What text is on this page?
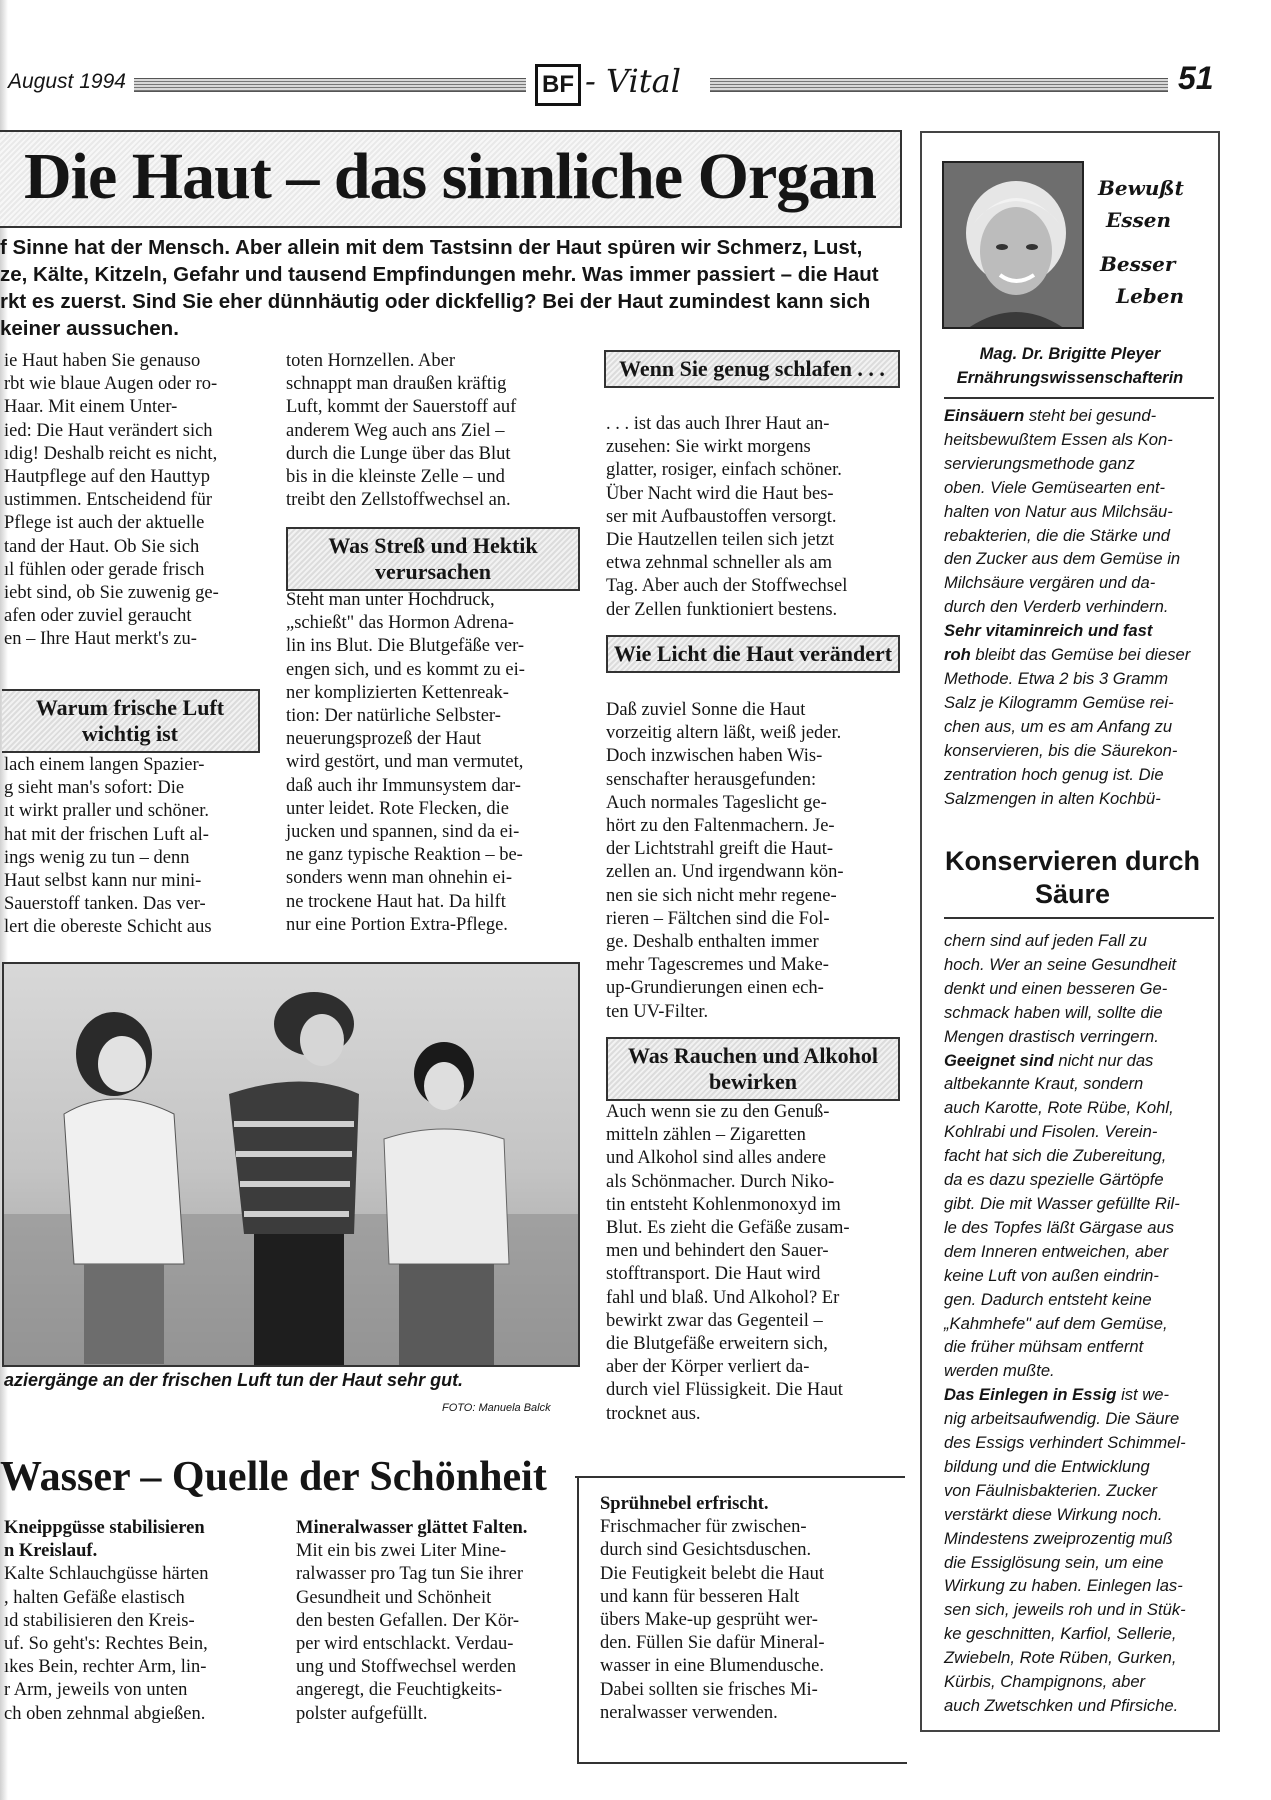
August 1994	BF - Vital	51
Die Haut – das sinnliche Organ
f Sinne hat der Mensch. Aber allein mit dem Tastsinn der Haut spüren wir Schmerz, Lust,
ze, Kälte, Kitzeln, Gefahr und tausend Empfindungen mehr. Was immer passiert – die Haut
rkt es zuerst. Sind Sie eher dünnhäutig oder dickfellig? Bei der Haut zumindest kann sich
keiner aussuchen.

ie Haut haben Sie genauso

rbt wie blaue Augen oder ro-

Haar. Mit einem Unter-

ied: Die Haut verändert sich

ıdig! Deshalb reicht es nicht,

Hautpflege auf den Hauttyp

ustimmen. Entscheidend für

Pflege ist auch der aktuelle

tand der Haut. Ob Sie sich

ıl fühlen oder gerade frisch

iebt sind, ob Sie zuwenig ge-

afen oder zuviel geraucht

en – Ihre Haut merkt's zu-

Warum frische Luft wichtig ist

lach einem langen Spazier-

g sieht man's sofort: Die

ıt wirkt praller und schöner.

hat mit der frischen Luft al-

ings wenig zu tun – denn

Haut selbst kann nur mini-

Sauerstoff tanken. Das ver-

lert die obereste Schicht aus

toten Hornzellen. Aber

schnappt man draußen kräftig

Luft, kommt der Sauerstoff auf

anderem Weg auch ans Ziel –

durch die Lunge über das Blut

bis in die kleinste Zelle – und

treibt den Zellstoffwechsel an.

Was Streß und Hektik verursachen

Steht man unter Hochdruck,

„schießt" das Hormon Adrena-

lin ins Blut. Die Blutgefäße ver-

engen sich, und es kommt zu ei-

ner komplizierten Kettenreak-

tion: Der natürliche Selbster-

neuerungsprozeß der Haut

wird gestört, und man vermutet,

daß auch ihr Immunsystem dar-

unter leidet. Rote Flecken, die

jucken und spannen, sind da ei-

ne ganz typische Reaktion – be-

sonders wenn man ohnehin ei-

ne trockene Haut hat. Da hilft

nur eine Portion Extra-Pflege.

Wenn Sie genug schlafen . . .

. . . ist das auch Ihrer Haut an-

zusehen: Sie wirkt morgens

glatter, rosiger, einfach schöner.

Über Nacht wird die Haut bes-

ser mit Aufbaustoffen versorgt.

Die Hautzellen teilen sich jetzt

etwa zehnmal schneller als am

Tag. Aber auch der Stoffwechsel

der Zellen funktioniert bestens.

Wie Licht die Haut verändert

Daß zuviel Sonne die Haut

vorzeitig altern läßt, weiß jeder.

Doch inzwischen haben Wis-

senschafter herausgefunden:

Auch normales Tageslicht ge-

hört zu den Faltenmachern. Je-

der Lichtstrahl greift die Haut-

zellen an. Und irgendwann kön-

nen sie sich nicht mehr regene-

rieren – Fältchen sind die Fol-

ge. Deshalb enthalten immer

mehr Tagescremes und Make-

up-Grundierungen einen ech-

ten UV-Filter.

Was Rauchen und Alkohol bewirken

Auch wenn sie zu den Genuß-

mitteln zählen – Zigaretten

und Alkohol sind alles andere

als Schönmacher. Durch Niko-

tin entsteht Kohlenmonoxyd im

Blut. Es zieht die Gefäße zusam-

men und behindert den Sauer-

stofftransport. Die Haut wird

fahl und blaß. Und Alkohol? Er

bewirkt zwar das Gegenteil –

die Blutgefäße erweitern sich,

aber der Körper verliert da-

durch viel Flüssigkeit. Die Haut

trocknet aus.

aziergänge an der frischen Luft tun der Haut sehr gut.
FOTO: Manuela Balck
Wasser – Quelle der Schönheit

Kneippgüsse stabilisieren

n Kreislauf.

Kalte Schlauchgüsse härten

, halten Gefäße elastisch

ıd stabilisieren den Kreis-

uf. So geht's: Rechtes Bein,

ıkes Bein, rechter Arm, lin-

r Arm, jeweils von unten

ch oben zehnmal abgießen.

Mineralwasser glättet Falten.

Mit ein bis zwei Liter Mine-

ralwasser pro Tag tun Sie ihrer

Gesundheit und Schönheit

den besten Gefallen. Der Kör-

per wird entschlackt. Verdau-

ung und Stoffwechsel werden

angeregt, die Feuchtigkeits-

polster aufgefüllt.

Sprühnebel erfrischt.

Frischmacher für zwischen-

durch sind Gesichtsduschen.

Die Feutigkeit belebt die Haut

und kann für besseren Halt

übers Make-up gesprüht wer-

den. Füllen Sie dafür Mineral-

wasser in eine Blumendusche.

Dabei sollten sie frisches Mi-

neralwasser verwenden.

Bewußt
Essen
Besser
Leben
Mag. Dr. Brigitte Pleyer
Ernährungswissenschafterin

Einsäuern steht bei gesund-

heitsbewußtem Essen als Kon-

servierungsmethode ganz

oben. Viele Gemüsearten ent-

halten von Natur aus Milchsäu-

rebakterien, die die Stärke und

den Zucker aus dem Gemüse in

Milchsäure vergären und da-

durch den Verderb verhindern.

Sehr vitaminreich und fast

roh bleibt das Gemüse bei dieser

Methode. Etwa 2 bis 3 Gramm

Salz je Kilogramm Gemüse rei-

chen aus, um es am Anfang zu

konservieren, bis die Säurekon-

zentration hoch genug ist. Die

Salzmengen in alten Kochbü-

Konservieren durch Säure

chern sind auf jeden Fall zu

hoch. Wer an seine Gesundheit

denkt und einen besseren Ge-

schmack haben will, sollte die

Mengen drastisch verringern.

Geeignet sind nicht nur das

altbekannte Kraut, sondern

auch Karotte, Rote Rübe, Kohl,

Kohlrabi und Fisolen. Verein-

facht hat sich die Zubereitung,

da es dazu spezielle Gärtöpfe

gibt. Die mit Wasser gefüllte Ril-

le des Topfes läßt Gärgase aus

dem Inneren entweichen, aber

keine Luft von außen eindrin-

gen. Dadurch entsteht keine

„Kahmhefe" auf dem Gemüse,

die früher mühsam entfernt

werden mußte.

Das Einlegen in Essig ist we-

nig arbeitsaufwendig. Die Säure

des Essigs verhindert Schimmel-

bildung und die Entwicklung

von Fäulnisbakterien. Zucker

verstärkt diese Wirkung noch.

Mindestens zweiprozentig muß

die Essiglösung sein, um eine

Wirkung zu haben. Einlegen las-

sen sich, jeweils roh und in Stük-

ke geschnitten, Karfiol, Sellerie,

Zwiebeln, Rote Rüben, Gurken,

Kürbis, Champignons, aber

auch Zwetschken und Pfirsiche.
